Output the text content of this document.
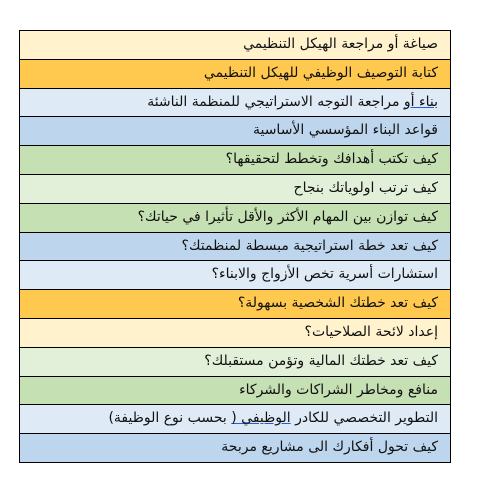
صياغة أو مراجعة الهيكل التنظيمي
كتابة التوصيف الوظيفي للهيكل التنظيمي
بناء أو مراجعة التوجه الاستراتيجي للمنظمة الناشئة
قواعد البناء المؤسسي الأساسية
كيف تكتب أهدافك وتخطط لتحقيقها؟
كيف ترتب اولوياتك بنجاح
كيف توازن بين المهام الأكثر والأقل تأثيرا في حياتك؟
كيف تعد خطة استراتيجية مبسطة لمنظمتك؟
استشارات أسرية تخص الأزواج والابناء؟
كيف تعد خطتك الشخصية بسهولة؟
إعداد لائحة الصلاحيات؟
كيف تعد خطتك المالية وتؤمن مستقبلك؟
منافع ومخاطر الشراكات والشركاء
التطوير التخصصي للكادر الوظيفي ( بحسب نوع الوظيفة)
كيف تحول أفكارك الى مشاريع مربحة
